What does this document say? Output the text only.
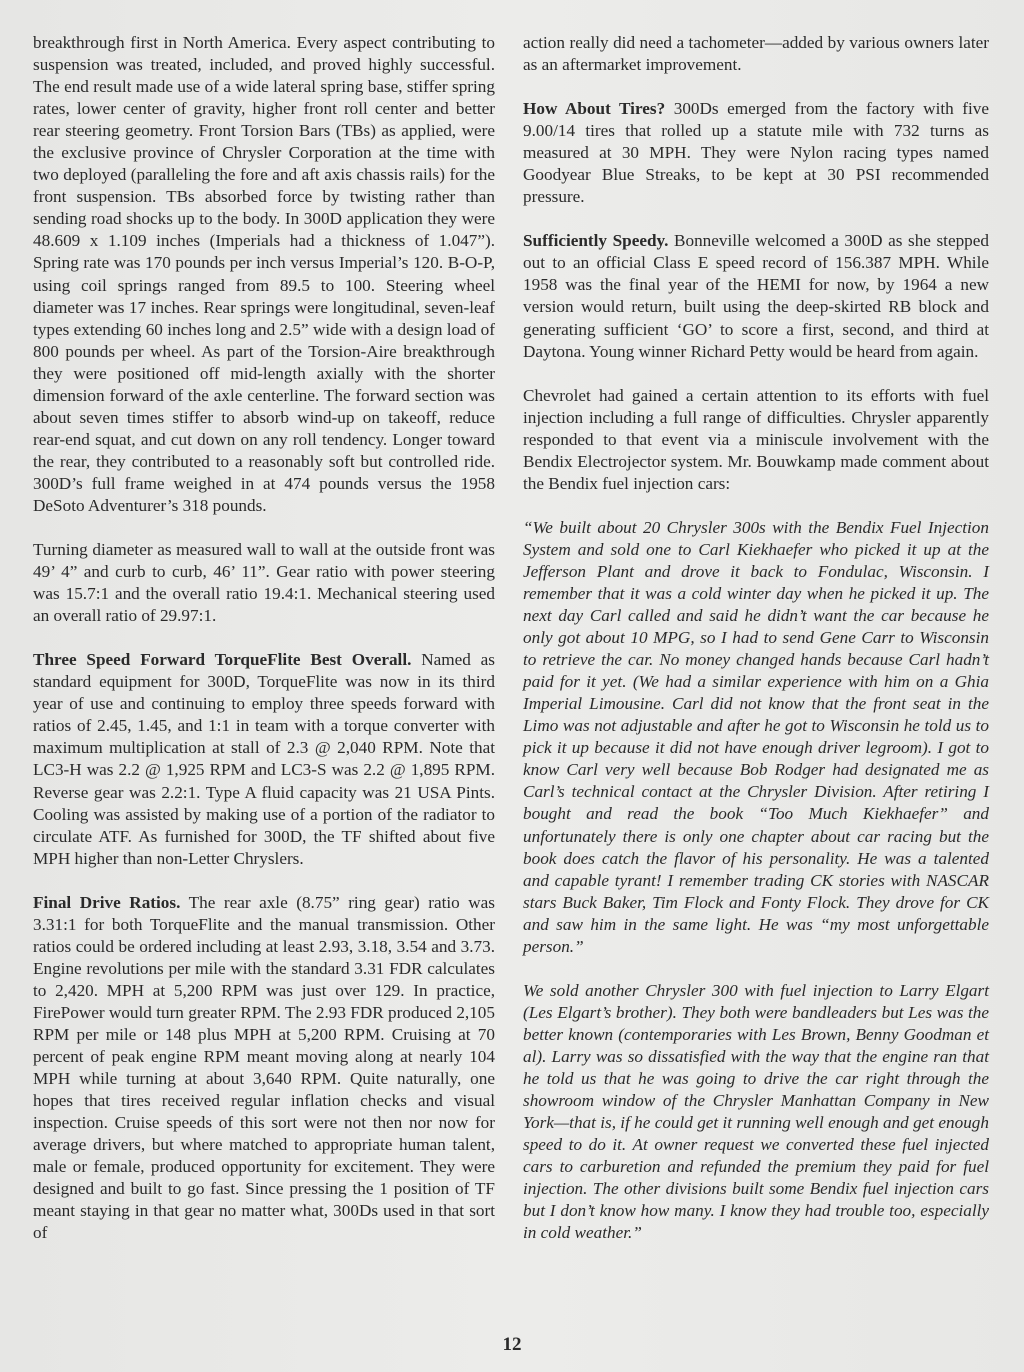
breakthrough first in North America. Every aspect contributing to suspension was treated, included, and proved highly successful. The end result made use of a wide lateral spring base, stiffer spring rates, lower center of gravity, higher front roll center and better rear steering geometry. Front Torsion Bars (TBs) as applied, were the exclusive province of Chrysler Corporation at the time with two deployed (paralleling the fore and aft axis chassis rails) for the front suspension. TBs absorbed force by twisting rather than sending road shocks up to the body. In 300D application they were 48.609 x 1.109 inches (Imperials had a thickness of 1.047”). Spring rate was 170 pounds per inch versus Imperial’s 120. B-O-P, using coil springs ranged from 89.5 to 100. Steering wheel diameter was 17 inches. Rear springs were longitudinal, seven-leaf types extending 60 inches long and 2.5” wide with a design load of 800 pounds per wheel. As part of the Torsion-Aire breakthrough they were positioned off mid-length axially with the shorter dimension forward of the axle centerline. The forward section was about seven times stiffer to absorb wind-up on takeoff, reduce rear-end squat, and cut down on any roll tendency. Longer toward the rear, they contributed to a reasonably soft but controlled ride. 300D’s full frame weighed in at 474 pounds versus the 1958 DeSoto Adventurer’s 318 pounds.

Turning diameter as measured wall to wall at the outside front was 49’ 4” and curb to curb, 46’ 11”. Gear ratio with power steering was 15.7:1 and the overall ratio 19.4:1. Mechanical steering used an overall ratio of 29.97:1.

Three Speed Forward TorqueFlite Best Overall. Named as standard equipment for 300D, TorqueFlite was now in its third year of use and continuing to employ three speeds forward with ratios of 2.45, 1.45, and 1:1 in team with a torque converter with maximum multiplication at stall of 2.3 @ 2,040 RPM. Note that LC3-H was 2.2 @ 1,925 RPM and LC3-S was 2.2 @ 1,895 RPM. Reverse gear was 2.2:1. Type A fluid capacity was 21 USA Pints. Cooling was assisted by making use of a portion of the radiator to circulate ATF. As furnished for 300D, the TF shifted about five MPH higher than non-Letter Chryslers.

Final Drive Ratios. The rear axle (8.75” ring gear) ratio was 3.31:1 for both TorqueFlite and the manual transmission. Other ratios could be ordered including at least 2.93, 3.18, 3.54 and 3.73. Engine revolutions per mile with the standard 3.31 FDR calculates to 2,420. MPH at 5,200 RPM was just over 129. In practice, FirePower would turn greater RPM. The 2.93 FDR produced 2,105 RPM per mile or 148 plus MPH at 5,200 RPM. Cruising at 70 percent of peak engine RPM meant moving along at nearly 104 MPH while turning at about 3,640 RPM. Quite naturally, one hopes that tires received regular inflation checks and visual inspection. Cruise speeds of this sort were not then nor now for average drivers, but where matched to appropriate human talent, male or female, produced opportunity for excitement. They were designed and built to go fast. Since pressing the 1 position of TF meant staying in that gear no matter what, 300Ds used in that sort of

action really did need a tachometer—added by various owners later as an aftermarket improvement.

How About Tires? 300Ds emerged from the factory with five 9.00/14 tires that rolled up a statute mile with 732 turns as measured at 30 MPH. They were Nylon racing types named Goodyear Blue Streaks, to be kept at 30 PSI recommended pressure.

Sufficiently Speedy. Bonneville welcomed a 300D as she stepped out to an official Class E speed record of 156.387 MPH. While 1958 was the final year of the HEMI for now, by 1964 a new version would return, built using the deep-skirted RB block and generating sufficient ‘GO’ to score a first, second, and third at Daytona. Young winner Richard Petty would be heard from again.

Chevrolet had gained a certain attention to its efforts with fuel injection including a full range of difficulties. Chrysler apparently responded to that event via a miniscule involvement with the Bendix Electrojector system. Mr. Bouwkamp made comment about the Bendix fuel injection cars:

“We built about 20 Chrysler 300s with the Bendix Fuel Injection System and sold one to Carl Kiekhaefer who picked it up at the Jefferson Plant and drove it back to Fondulac, Wisconsin. I remember that it was a cold winter day when he picked it up. The next day Carl called and said he didn’t want the car because he only got about 10 MPG, so I had to send Gene Carr to Wisconsin to retrieve the car. No money changed hands because Carl hadn’t paid for it yet. (We had a similar experience with him on a Ghia Imperial Limousine. Carl did not know that the front seat in the Limo was not adjustable and after he got to Wisconsin he told us to pick it up because it did not have enough driver legroom). I got to know Carl very well because Bob Rodger had designated me as Carl’s technical contact at the Chrysler Division. After retiring I bought and read the book “Too Much Kiekhaefer” and unfortunately there is only one chapter about car racing but the book does catch the flavor of his personality. He was a talented and capable tyrant! I remember trading CK stories with NASCAR stars Buck Baker, Tim Flock and Fonty Flock. They drove for CK and saw him in the same light. He was “my most unforgettable person.”

We sold another Chrysler 300 with fuel injection to Larry Elgart (Les Elgart’s brother). They both were bandleaders but Les was the better known (contemporaries with Les Brown, Benny Goodman et al). Larry was so dissatisfied with the way that the engine ran that he told us that he was going to drive the car right through the showroom window of the Chrysler Manhattan Company in New York—that is, if he could get it running well enough and get enough speed to do it. At owner request we converted these fuel injected cars to carburetion and refunded the premium they paid for fuel injection. The other divisions built some Bendix fuel injection cars but I don’t know how many. I know they had trouble too, especially in cold weather.”

12
